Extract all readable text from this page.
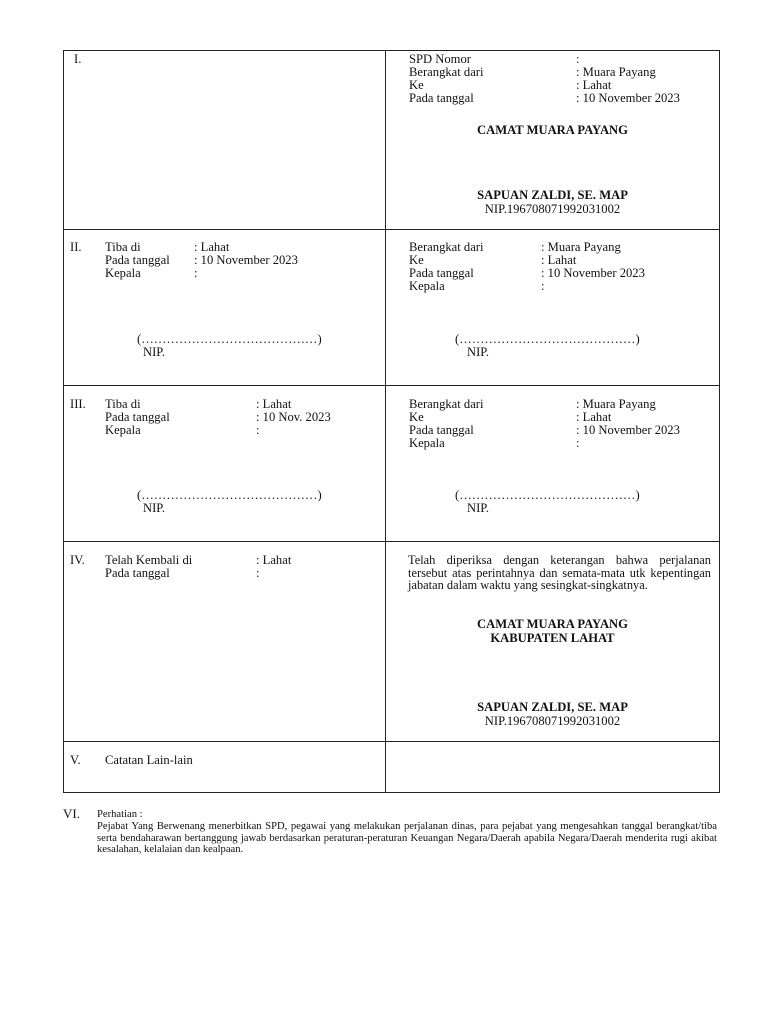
I.	SPD Nomor	:
Berangkat dari	: Muara Payang
Ke	: Lahat
Pada tanggal	: 10 November 2023
CAMAT MUARA PAYANG
SAPUAN ZALDI, SE. MAP
NIP.196708071992031002
II. Tiba di	: Lahat
Pada tanggal : 10 November 2023
Kepala	:
(……………………………………)
NIP.
Berangkat dari	: Muara Payang
Ke	: Lahat
Pada tanggal	: 10 November 2023
Kepala	:
(……………………………………)
NIP.
III. Tiba di	: Lahat
Pada tanggal	: 10 Nov. 2023
Kepala	:
(……………………………………)
NIP.
Berangkat dari	: Muara Payang
Ke	: Lahat
Pada tanggal	: 10 November 2023
Kepala	:
(……………………………………)
NIP.
IV. Telah Kembali di	: Lahat
Pada tanggal	:
Telah diperiksa dengan keterangan bahwa perjalanan tersebut atas perintahnya dan semata-mata utk kepentingan jabatan dalam waktu yang sesingkat-singkatnya.
CAMAT MUARA PAYANG
KABUPATEN LAHAT
SAPUAN ZALDI, SE. MAP
NIP.196708071992031002
V. Catatan Lain-lain
VI. Perhatian :
Pejabat Yang Berwenang menerbitkan SPD, pegawai yang melakukan perjalanan dinas, para pejabat yang mengesahkan tanggal berangkat/tiba serta bendaharawan bertanggung jawab berdasarkan peraturan-peraturan Keuangan Negara/Daerah apabila Negara/Daerah menderita rugi akibat kesalahan, kelalaian dan kealpaan.
